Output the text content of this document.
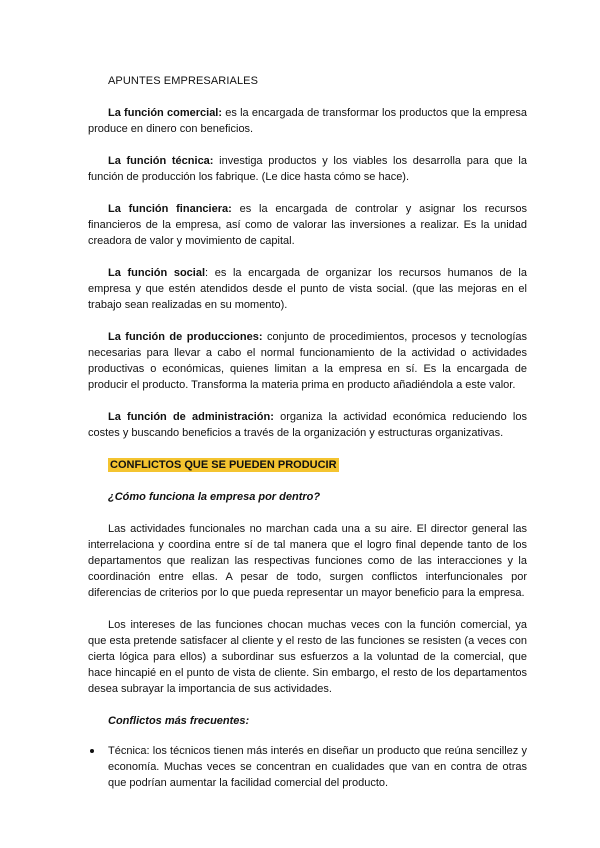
APUNTES EMPRESARIALES

La función comercial: es la encargada de transformar los productos que la empresa produce en dinero con beneficios.

La función técnica: investiga productos y los viables los desarrolla para que la función de producción los fabrique. (Le dice hasta cómo se hace).

La función financiera: es la encargada de controlar y asignar los recursos financieros de la empresa, así como de valorar las inversiones a realizar. Es la unidad creadora de valor y movimiento de capital.

La función social: es la encargada de organizar los recursos humanos de la empresa y que estén atendidos desde el punto de vista social. (que las mejoras en el trabajo sean realizadas en su momento).

La función de producciones: conjunto de procedimientos, procesos y tecnologías necesarias para llevar a cabo el normal funcionamiento de la actividad o actividades productivas o económicas, quienes limitan a la empresa en sí. Es la encargada de producir el producto. Transforma la materia prima en producto añadiéndola a este valor.

La función de administración: organiza la actividad económica reduciendo los costes y buscando beneficios a través de la organización y estructuras organizativas.

CONFLICTOS QUE SE PUEDEN PRODUCIR

¿Cómo funciona la empresa por dentro?

Las actividades funcionales no marchan cada una a su aire. El director general las interrelaciona y coordina entre sí de tal manera que el logro final depende tanto de los departamentos que realizan las respectivas funciones como de las interacciones y la coordinación entre ellas. A pesar de todo, surgen conflictos interfuncionales por diferencias de criterios por lo que pueda representar un mayor beneficio para la empresa.

Los intereses de las funciones chocan muchas veces con la función comercial, ya que esta pretende satisfacer al cliente y el resto de las funciones se resisten (a veces con cierta lógica para ellos) a subordinar sus esfuerzos a la voluntad de la comercial, que hace hincapié en el punto de vista de cliente. Sin embargo, el resto de los departamentos desea subrayar la importancia de sus actividades.

Conflictos más frecuentes:

Técnica: los técnicos tienen más interés en diseñar un producto que reúna sencillez y economía. Muchas veces se concentran en cualidades que van en contra de otras que podrían aumentar la facilidad comercial del producto.
